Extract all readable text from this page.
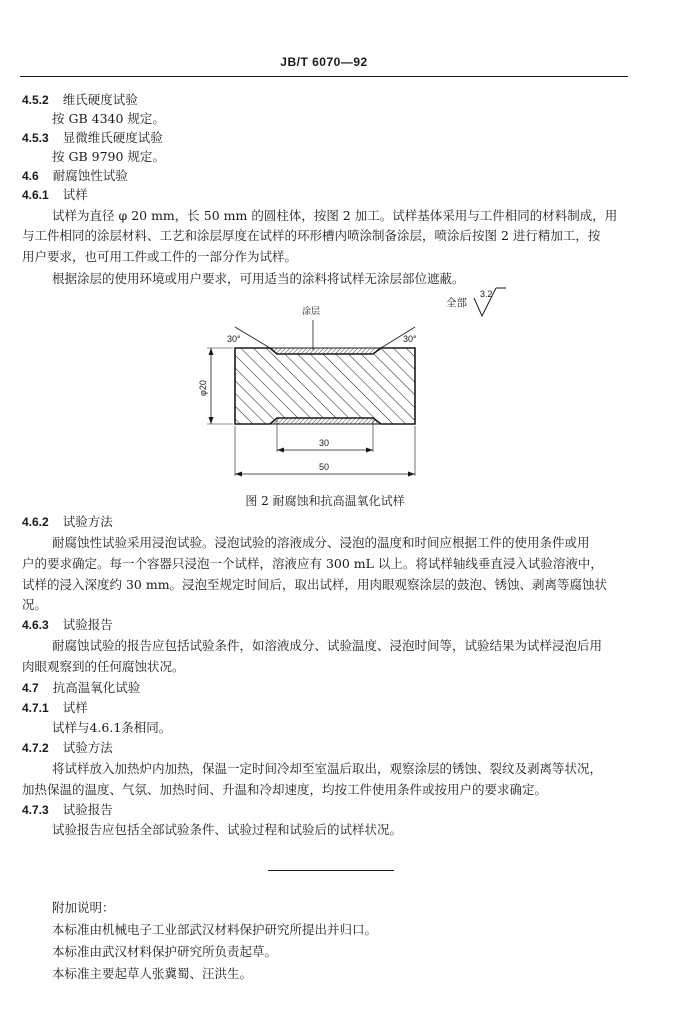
JB/T 6070—92
4.5.2 维氏硬度试验
按 GB 4340 规定。
4.5.3 显微维氏硬度试验
按 GB 9790 规定。
4.6 耐腐蚀性试验
4.6.1 试样
试样为直径 φ 20 mm，长 50 mm 的圆柱体，按图 2 加工。试样基体采用与工件相同的材料制成，用
与工件相同的涂层材料、工艺和涂层厚度在试样的环形槽内喷涂制备涂层，喷涂后按图 2 进行精加工，按
用户要求，也可用工件或工件的一部分作为试样。
根据涂层的使用环境或用户要求，可用适当的涂料将试样无涂层部位遮蔽。
全部
3.2
涂层
30°	30°
φ20
30
50
图 2 耐腐蚀和抗高温氧化试样
4.6.2 试验方法
耐腐蚀性试验采用浸泡试验。浸泡试验的溶液成分、浸泡的温度和时间应根据工件的使用条件或用
户的要求确定。每一个容器只浸泡一个试样，溶液应有 300 mL 以上。将试样轴线垂直浸入试验溶液中，
试样的浸入深度约 30 mm。浸泡至规定时间后，取出试样，用肉眼观察涂层的鼓泡、锈蚀、剥离等腐蚀状
况。
4.6.3 试验报告
耐腐蚀试验的报告应包括试验条件，如溶液成分、试验温度、浸泡时间等，试验结果为试样浸泡后用
肉眼观察到的任何腐蚀状况。
4.7 抗高温氧化试验
4.7.1 试样
试样与4.6.1条相同。
4.7.2 试验方法
将试样放入加热炉内加热，保温一定时间冷却至室温后取出，观察涂层的锈蚀、裂纹及剥离等状况，
加热保温的温度、气氛、加热时间、升温和冷却速度，均按工件使用条件或按用户的要求确定。
4.7.3 试验报告
试验报告应包括全部试验条件、试验过程和试验后的试样状况。
附加说明：
本标准由机械电子工业部武汉材料保护研究所提出并归口。
本标准由武汉材料保护研究所负责起草。
本标准主要起草人张冀蜀、汪洪生。
